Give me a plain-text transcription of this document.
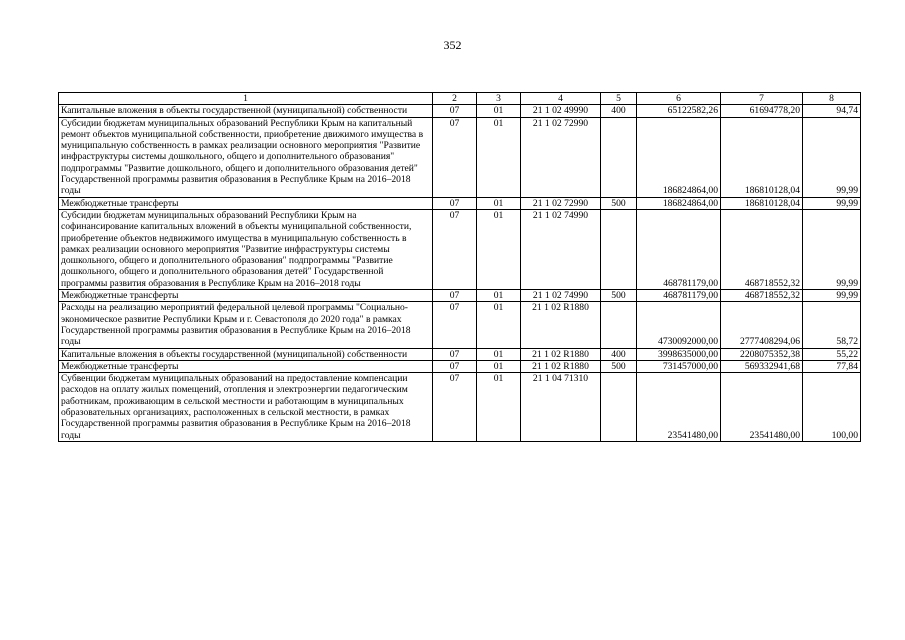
352
1	2	3	4	5	6	7	8
Капитальные вложения в объекты государственной (муниципальной) собственности	07	01	21 1 02 49990	400	65122582,26	61694778,20	94,74
Субсидии бюджетам муниципальных образований Республики Крым на капитальный ремонт объектов муниципальной собственности, приобретение движимого имущества в муниципальную собственность в рамках реализации основного мероприятия "Развитие инфраструктуры системы дошкольного, общего и дополнительного образования" подпрограммы "Развитие дошкольного, общего и дополнительного образования детей" Государственной программы развития образования в Республике Крым на 2016–2018 годы	07	01	21 1 02 72990		186824864,00	186810128,04	99,99
Межбюджетные трансферты	07	01	21 1 02 72990	500	186824864,00	186810128,04	99,99
Субсидии бюджетам муниципальных образований Республики Крым на софинансирование капитальных вложений в объекты муниципальной собственности, приобретение объектов недвижимого имущества в муниципальную собственность в рамках реализации основного мероприятия "Развитие инфраструктуры системы дошкольного, общего и дополнительного образования" подпрограммы "Развитие дошкольного, общего и дополнительного образования детей" Государственной программы развития образования в Республике Крым на 2016–2018 годы	07	01	21 1 02 74990		468781179,00	468718552,32	99,99
Межбюджетные трансферты	07	01	21 1 02 74990	500	468781179,00	468718552,32	99,99
Расходы на реализацию мероприятий федеральной целевой программы "Социально-экономическое развитие Республики Крым и г. Севастополя до 2020 года" в рамках Государственной программы развития образования в Республике Крым на 2016–2018 годы	07	01	21 1 02 R1880		4730092000,00	2777408294,06	58,72
Капитальные вложения в объекты государственной (муниципальной) собственности	07	01	21 1 02 R1880	400	3998635000,00	2208075352,38	55,22
Межбюджетные трансферты	07	01	21 1 02 R1880	500	731457000,00	569332941,68	77,84
Субвенции бюджетам муниципальных образований на предоставление компенсации расходов на оплату жилых помещений, отопления и электроэнергии педагогическим работникам, проживающим в сельской местности и работающим в муниципальных образовательных организациях, расположенных в сельской местности, в рамках Государственной программы развития образования в Республике Крым на 2016–2018 годы	07	01	21 1 04 71310		23541480,00	23541480,00	100,00
